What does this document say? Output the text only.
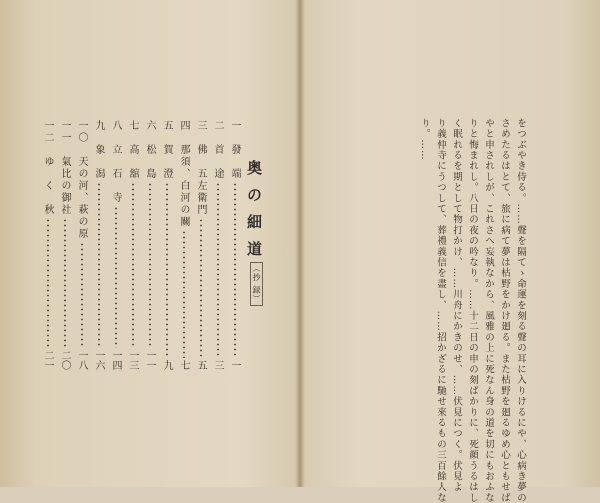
奥の細道
（抄 録）
一　發　端
一
二　首　途
三
三　佛　五左衛門
五
四　那須、白河の關
七
五　賀　澄
九
六　松　島
一一
七　高　舘
一三
八　立　石　寺
一四
九　象　潟
一六
一〇　天の河、萩の原
一八
一一　氣比の御社
二〇
一二　ゆ　く　秋
二一	をつぶやき侍る。……聲を隔てゝ命運を刻る聲の耳に入りけるにや、心病き夢の
さめたるはとて、旅に病て夢は枯野をかけ廻る。また枯野を廻るゆめ心ともせば
やと申されしが、これさへ妄執なから、風雅の上に死なん身の道を切にもおふな
りと悔まれし。八日の夜の吟なり。……十二日の申の刻ばかりに、死顔うるはし
く眠れるを期として物打かけ、……川舟にかきのせ、……伏見につく。伏見よ
り義仲寺にうつして、葬禮義信を盡し、……招かざるに馳せ來るもの三百餘人な
り。……
